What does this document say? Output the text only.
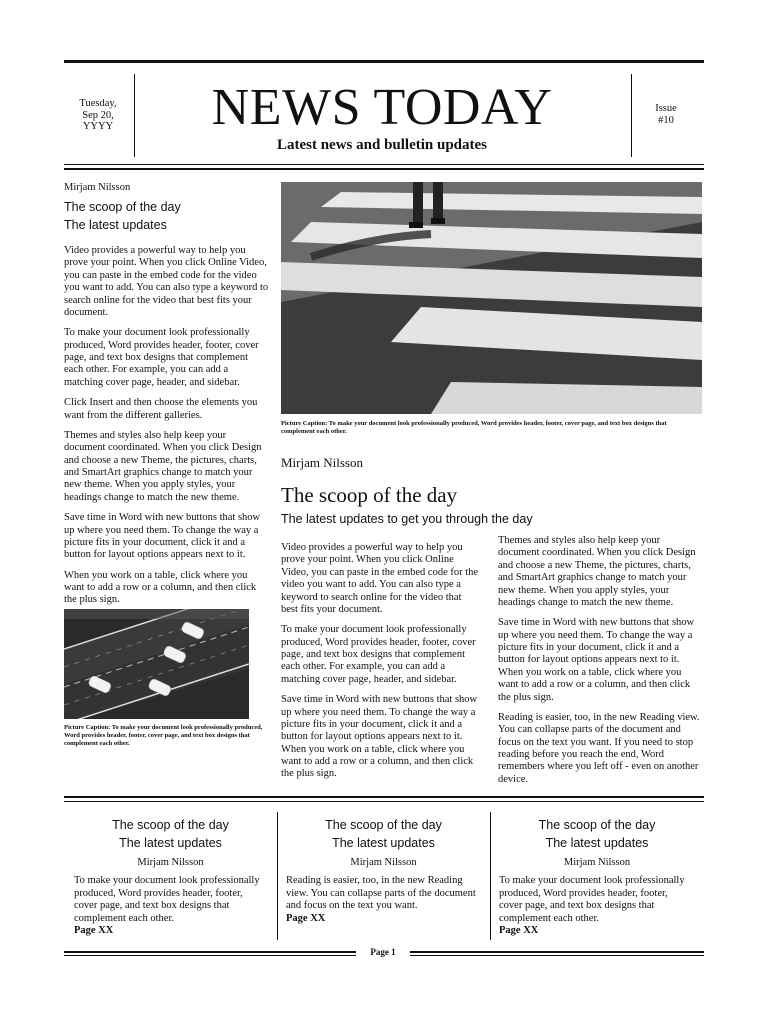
Tuesday,
Sep 20,
YYYY	NEWS TODAY
Latest news and bulletin updates
Issue
#10
Mirjam Nilsson
The scoop of the day
The latest updates

Video provides a powerful way to help you prove your point. When you click Online Video, you can paste in the embed code for the video you want to add. You can also type a keyword to search online for the video that best fits your document.

To make your document look professionally produced, Word provides header, footer, cover page, and text box designs that complement each other. For example, you can add a matching cover page, header, and sidebar.

Click Insert and then choose the elements you want from the different galleries.

Themes and styles also help keep your document coordinated. When you click Design and choose a new Theme, the pictures, charts, and SmartArt graphics change to match your new theme. When you apply styles, your headings change to match the new theme.

Save time in Word with new buttons that show up where you need them. To change the way a picture fits in your document, click it and a button for layout options appears next to it.

When you work on a table, click where you want to add a row or a column, and then click the plus sign.

Picture Caption: To make your document look professionally produced, Word provides header, footer, cover page, and text box designs that complement each other.
Picture Caption: To make your document look professionally produced, Word provides header, footer, cover page, and text box designs that complement each other.
Mirjam Nilsson
The scoop of the day
The latest updates to get you through the day

Video provides a powerful way to help you prove your point. When you click Online Video, you can paste in the embed code for the video you want to add. You can also type a keyword to search online for the video that best fits your document.

To make your document look professionally produced, Word provides header, footer, cover page, and text box designs that complement each other. For example, you can add a matching cover page, header, and sidebar.

Save time in Word with new buttons that show up where you need them. To change the way a picture fits in your document, click it and a button for layout options appears next to it. When you work on a table, click where you want to add a row or a column, and then click the plus sign.

Themes and styles also help keep your document coordinated. When you click Design and choose a new Theme, the pictures, charts, and SmartArt graphics change to match your new theme. When you apply styles, your headings change to match the new theme.

Save time in Word with new buttons that show up where you need them. To change the way a picture fits in your document, click it and a button for layout options appears next to it. When you work on a table, click where you want to add a row or a column, and then click the plus sign.

Reading is easier, too, in the new Reading view. You can collapse parts of the document and focus on the text you want. If you need to stop reading before you reach the end, Word remembers where you left off - even on another device.

The scoop of the day
The latest updates
Mirjam Nilsson
To make your document look professionally produced, Word provides header, footer, cover page, and text box designs that complement each other.
Page XX
The scoop of the day
The latest updates
Mirjam Nilsson
Reading is easier, too, in the new Reading view. You can collapse parts of the document and focus on the text you want.
Page XX
The scoop of the day
The latest updates
Mirjam Nilsson
To make your document look professionally produced, Word provides header, footer, cover page, and text box designs that complement each other.
Page XX
Page 1
